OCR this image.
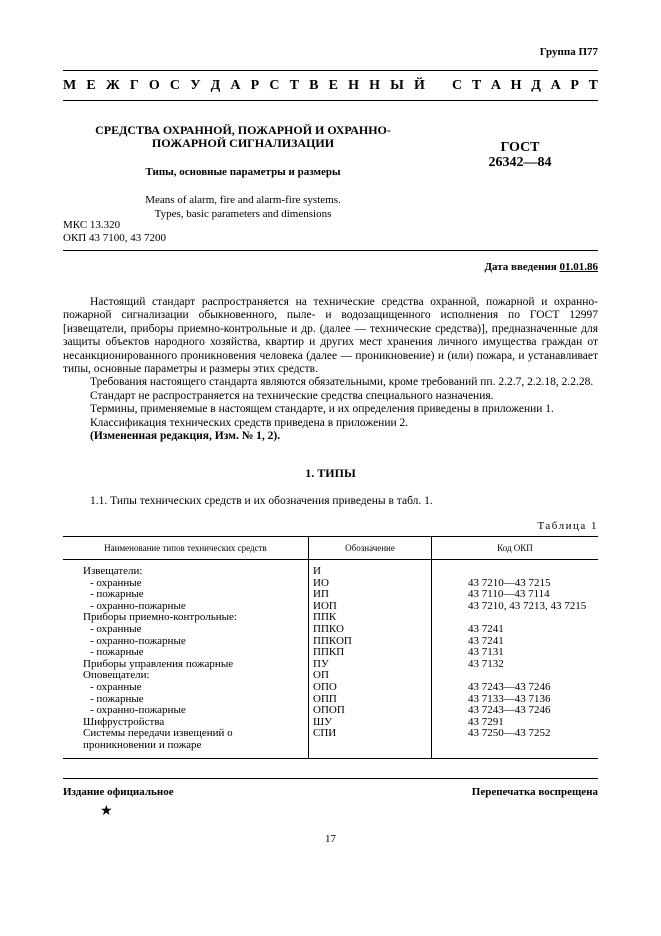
Группа П77
М Е Ж Г О С У Д А Р С Т В Е Н Н Ы Й С Т А Н Д А Р Т
СРЕДСТВА ОХРАННОЙ, ПОЖАРНОЙ И ОХРАННО-
ПОЖАРНОЙ СИГНАЛИЗАЦИИ
Типы, основные параметры и размеры
Means of alarm, fire and alarm-fire systems.
Types, basic parameters and dimensions
ГОСТ
26342—84
МКС 13.320
ОКП 43 7100, 43 7200
Дата введения 01.01.86

Настоящий стандарт распространяется на технические средства охранной, пожарной и охранно-пожарной сигнализации обыкновенного, пыле- и водозащищенного исполнения по ГОСТ 12997 [извещатели, приборы приемно-контрольные и др. (далее — технические средства)], предназначенные для защиты объектов народного хозяйства, квартир и других мест хранения личного имущества граждан от несанкционированного проникновения человека (далее — проникновение) и (или) пожара, и устанавливает типы, основные параметры и размеры этих средств.

Требования настоящего стандарта являются обязательными, кроме требований пп. 2.2.7, 2.2.18, 2.2.28.

Стандарт не распространяется на технические средства специального назначения.

Термины, применяемые в настоящем стандарте, и их определения приведены в приложении 1.

Классификация технических средств приведена в приложении 2.

(Измененная редакция, Изм. № 1, 2).

1. ТИПЫ
1.1. Типы технических средств и их обозначения приведены в табл. 1.
Таблица 1
Наименование типов технических средств	Обозначение	Код ОКП

Извещатели:	И	

- охранные	ИО	43 7210—43 7215

- пожарные	ИП	43 7110—43 7114

- охранно-пожарные	ИОП	43 7210, 43 7213, 43 7215

Приборы приемно-контрольные:	ППК	

- охранные	ППКО	43 7241

- охранно-пожарные	ППКОП	43 7241

- пожарные	ППКП	43 7131

Приборы управления пожарные	ПУ	43 7132

Оповещатели:	ОП	

- охранные	ОПО	43 7243—43 7246

- пожарные	ОПП	43 7133—43 7136

- охранно-пожарные	ОПОП	43 7243—43 7246

Шифрустройства	ШУ	43 7291

Системы передачи извещений о проникновении и пожаре	СПИ	43 7250—43 7252
Издание официальное	Перепечатка воспрещена
★
17
